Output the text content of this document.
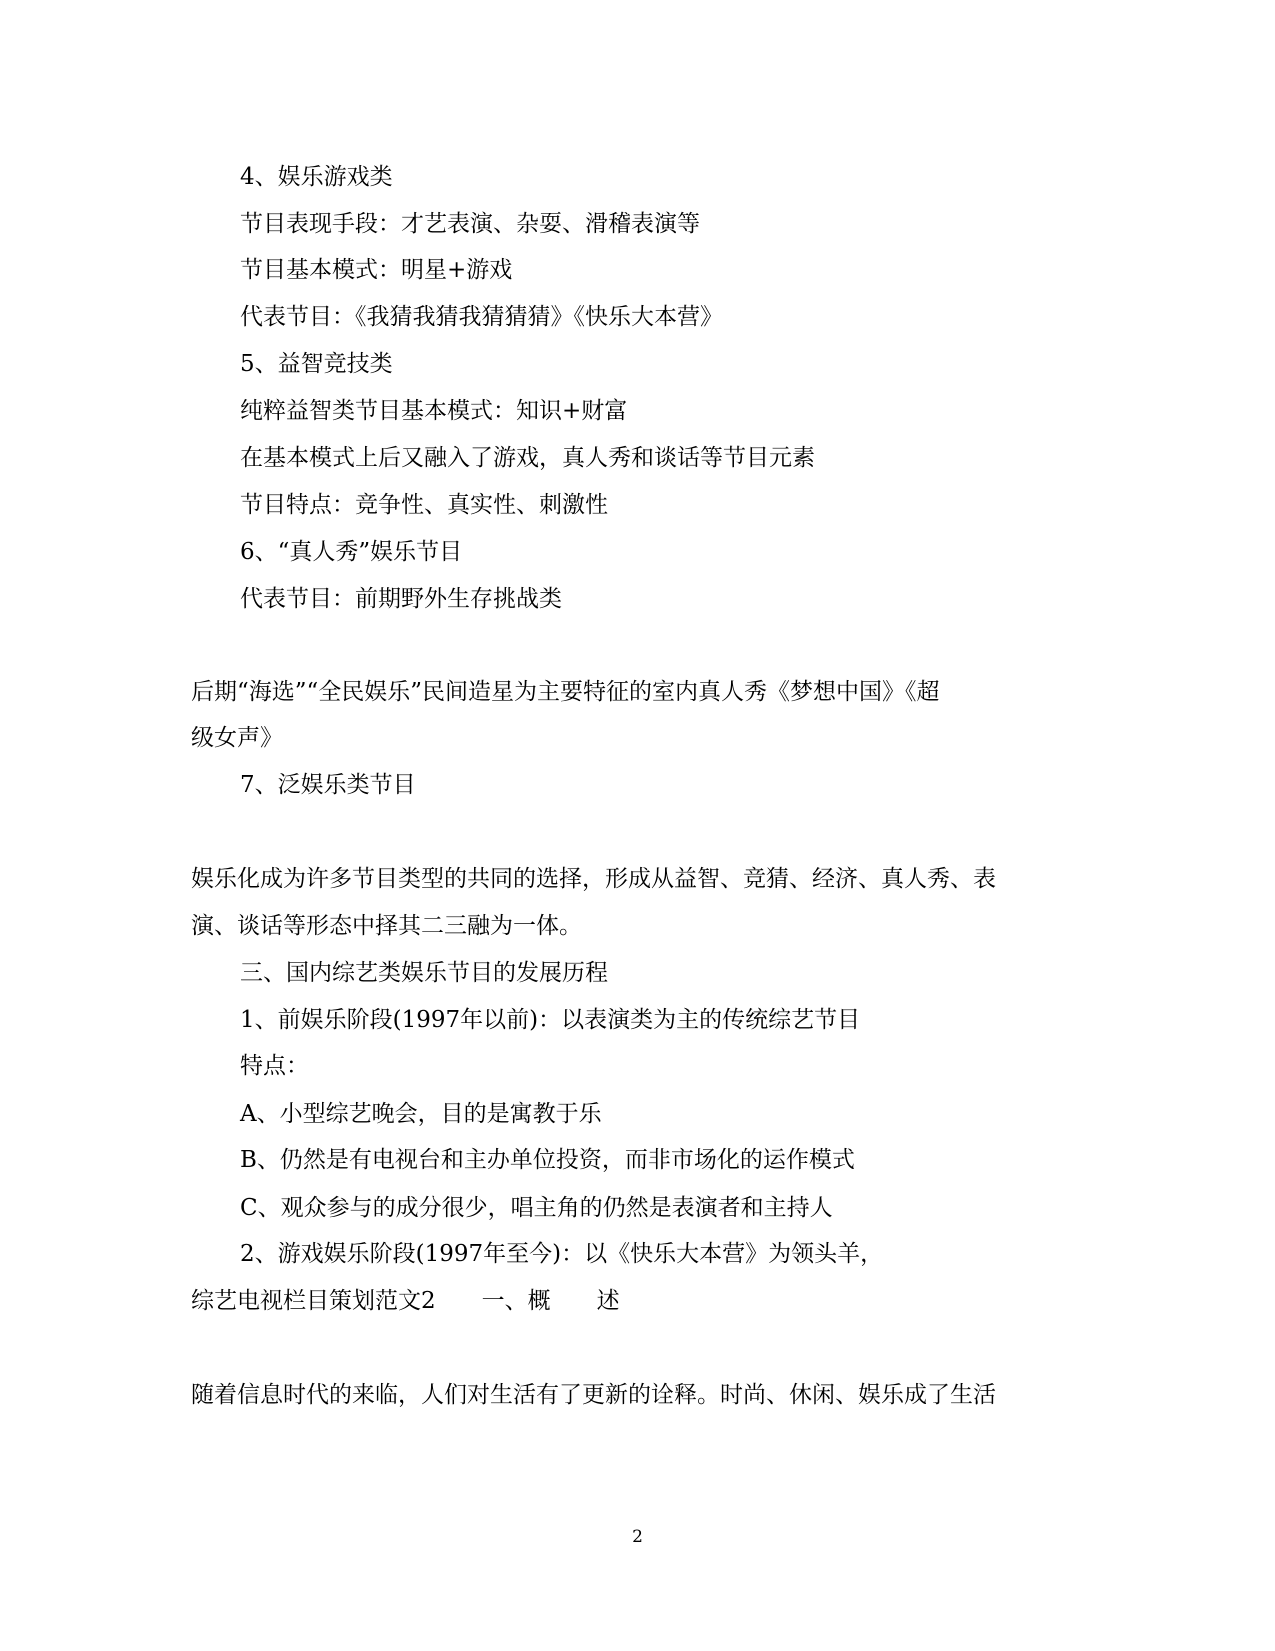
4、娱乐游戏类
节目表现手段：才艺表演、杂耍、滑稽表演等
节目基本模式：明星+游戏
代表节目：《我猜我猜我猜猜猜》《快乐大本营》
5、益智竞技类
纯粹益智类节目基本模式：知识+财富
在基本模式上后又融入了游戏，真人秀和谈话等节目元素
节目特点：竞争性、真实性、刺激性
6、“真人秀”娱乐节目
代表节目：前期野外生存挑战类
后期“海选”“全民娱乐”民间造星为主要特征的室内真人秀《梦想中国》《超
级女声》
7、泛娱乐类节目
娱乐化成为许多节目类型的共同的选择，形成从益智、竞猜、经济、真人秀、表
演、谈话等形态中择其二三融为一体。
三、国内综艺类娱乐节目的发展历程
1、前娱乐阶段(1997年以前)：以表演类为主的传统综艺节目
特点：
A、小型综艺晚会，目的是寓教于乐
B、仍然是有电视台和主办单位投资，而非市场化的运作模式
C、观众参与的成分很少，唱主角的仍然是表演者和主持人
2、游戏娱乐阶段(1997年至今)：以《快乐大本营》为领头羊，
综艺电视栏目策划范文2　　一、概　　述
随着信息时代的来临，人们对生活有了更新的诠释。时尚、休闲、娱乐成了生活
2
